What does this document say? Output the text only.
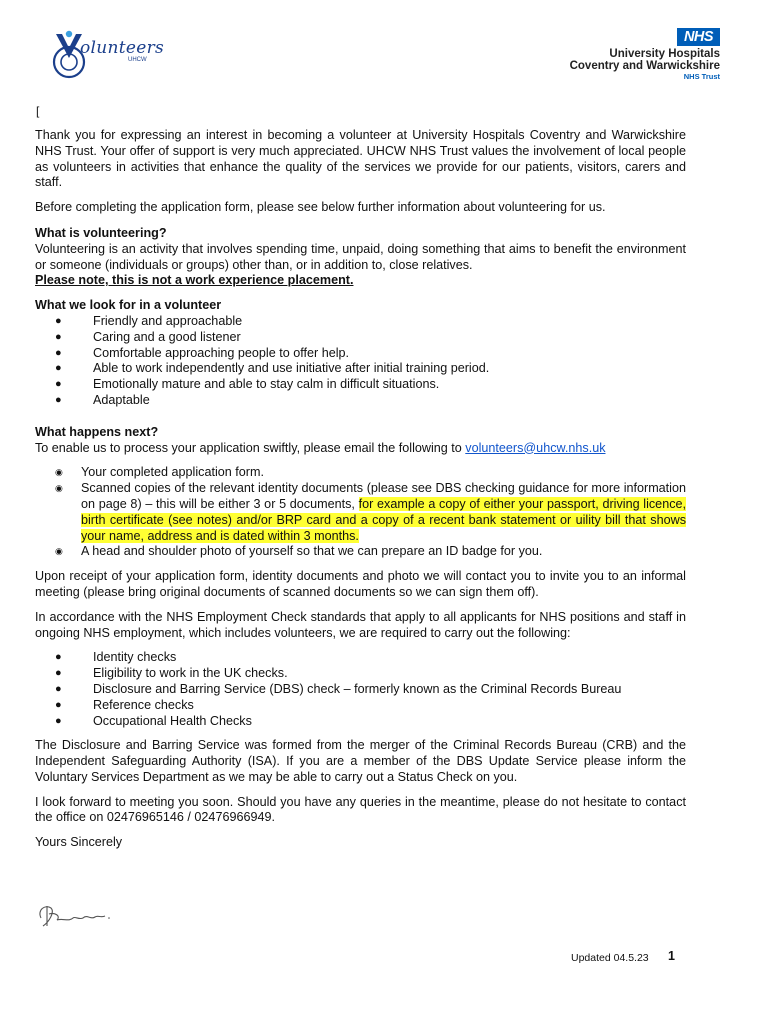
olunteers
UHCW
NHS
University Hospitals
Coventry and Warwickshire
NHS Trust
[

Thank you for expressing an interest in becoming a volunteer at University Hospitals Coventry and Warwickshire NHS Trust. Your offer of support is very much appreciated. UHCW NHS Trust values the involvement of local people as volunteers in activities that enhance the quality of the services we provide for our patients, visitors, carers and staff.

Before completing the application form, please see below further information about volunteering for us.

What is volunteering?
Volunteering is an activity that involves spending time, unpaid, doing something that aims to benefit the environment or someone (individuals or groups) other than, or in addition to, close relatives.
Please note, this is not a work experience placement.
What we look for in a volunteer
● Friendly and approachable
● Caring and a good listener
● Comfortable approaching people to offer help.
● Able to work independently and use initiative after initial training period.
● Emotionally mature and able to stay calm in difficult situations.
● Adaptable
What happens next?
To enable us to process your application swiftly, please email the following to volunteers@uhcw.nhs.uk
◉ Your completed application form.
◉ Scanned copies of the relevant identity documents (please see DBS checking guidance for more information on page 8) – this will be either 3 or 5 documents, for example a copy of either your passport, driving licence, birth certificate (see notes) and/or BRP card and a copy of a recent bank statement or uility bill that shows your name, address and is dated within 3 months.
◉ A head and shoulder photo of yourself so that we can prepare an ID badge for you.

Upon receipt of your application form, identity documents and photo we will contact you to invite you to an informal meeting (please bring original documents of scanned documents so we can sign them off).

In accordance with the NHS Employment Check standards that apply to all applicants for NHS positions and staff in ongoing NHS employment, which includes volunteers, we are required to carry out the following:

● Identity checks
● Eligibility to work in the UK checks.
● Disclosure and Barring Service (DBS) check – formerly known as the Criminal Records Bureau
● Reference checks
● Occupational Health Checks

The Disclosure and Barring Service was formed from the merger of the Criminal Records Bureau (CRB) and the Independent Safeguarding Authority (ISA). If you are a member of the DBS Update Service please inform the Voluntary Services Department as we may be able to carry out a Status Check on you.

I look forward to meeting you soon. Should you have any queries in the meantime, please do not hesitate to contact the office on 02476965146 / 02476966949.

Yours Sincerely

Updated 04.5.23 1
